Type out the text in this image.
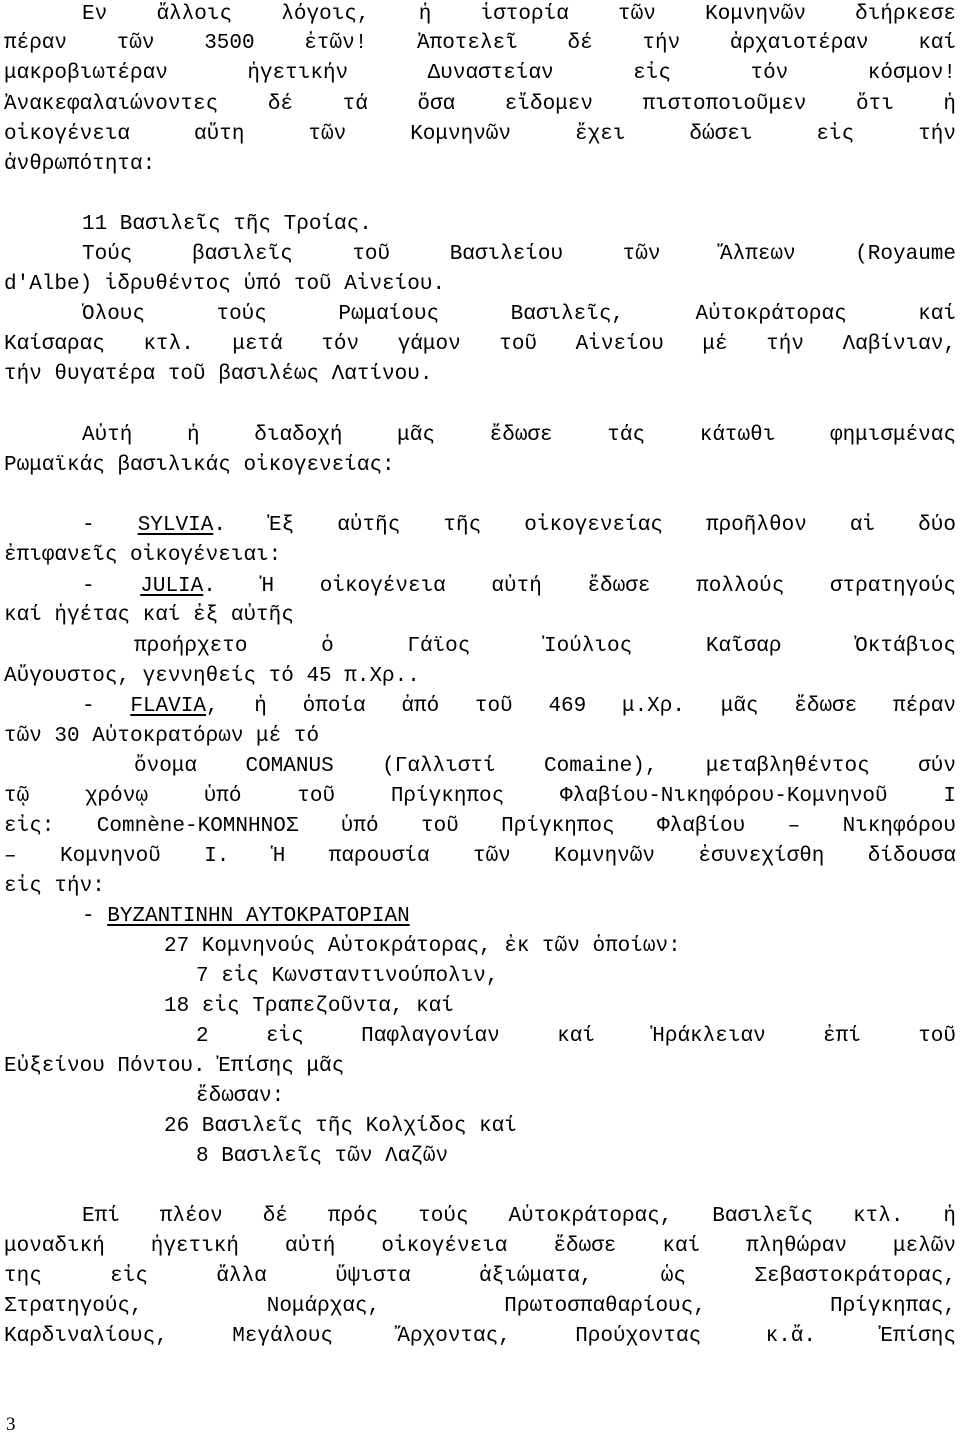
Ἐν ἄλλοις λόγοις, ἡ ἱστορία τῶν Κομνηνῶν διήρκεσε
πέραν τῶν 3500 ἐτῶν! Ἀποτελεῖ δέ τήν ἀρχαιοτέραν καί
μακροβιωτέραν ἡγετικήν Δυναστείαν εἰς τόν κόσμον!
Ἀνακεφαλαιώνοντες δέ τά ὅσα εἴδομεν πιστοποιοῦμεν ὅτι ἡ
οἰκογένεια αὕτη τῶν Κομνηνῶν ἔχει δώσει εἰς τήν
ἀνθρωπότητα:
11 Βασιλεῖς τῆς Τροίας.
Τούς βασιλεῖς τοῦ Βασιλείου τῶν Ἄλπεων (Royaume
d'Albe) ἱδρυθέντος ὑπό τοῦ Αἰνείου.
Ὅλους τούς Ρωμαίους Βασιλεῖς, Αὐτοκράτορας καί
Καίσαρας κτλ. μετά τόν γάμον τοῦ Αἰνείου μέ τήν Λαβίνιαν,
τήν θυγατέρα τοῦ βασιλέως Λατίνου.
Αὐτή ἡ διαδοχή μᾶς ἔδωσε τάς κάτωθι φημισμένας
Ρωμαϊκάς βασιλικάς οἰκογενείας:
- SYLVIA. Ἐξ αὐτῆς τῆς οἰκογενείας προῆλθον αἱ δύο
ἐπιφανεῖς οἰκογένειαι:
- JULIA. Ἡ οἰκογένεια αὐτή ἔδωσε πολλούς στρατηγούς
καί ἡγέτας καί ἐξ αὐτῆς
προήρχετο ὁ Γάϊος Ἰούλιος Καῖσαρ Ὀκτάβιος
Αὔγουστος, γεννηθείς τό 45 π.Χρ..
- FLAVIA, ἡ ὁποία ἀπό τοῦ 469 μ.Χρ. μᾶς ἔδωσε πέραν
τῶν 30 Αὐτοκρατόρων μέ τό
ὄνομα COMANUS (Γαλλιστί Comaine), μεταβληθέντος σύν
τῷ χρόνῳ ὑπό τοῦ Πρίγκηπος Φλαβίου-Νικηφόρου-Κομνηνοῦ Ι
εἰς: Comnène-ΚΟΜΝΗΝΟΣ ὑπό τοῦ Πρίγκηπος Φλαβίου – Νικηφόρου
– Κομνηνοῦ Ι. Ἡ παρουσία τῶν Κομνηνῶν ἐσυνεχίσθη δίδουσα
εἰς τήν:
- ΒΥΖΑΝΤΙΝΗΝ ΑΥΤΟΚΡΑΤΟΡΙΑΝ
27 Κομνηνούς Αὐτοκράτορας, ἐκ τῶν ὁποίων:
7 εἰς Κωνσταντινούπολιν,
18 εἰς Τραπεζοῦντα, καί
2 εἰς Παφλαγονίαν καί Ἡράκλειαν ἐπί τοῦ
Εὐξείνου Πόντου. Ἐπίσης μᾶς
ἔδωσαν:
26 Βασιλεῖς τῆς Κολχίδος καί
8 Βασιλεῖς τῶν Λαζῶν
Ἐπί πλέον δέ πρός τούς Αὐτοκράτορας, Βασιλεῖς κτλ. ἡ
μοναδική ἡγετική αὐτή οἰκογένεια ἔδωσε καί πληθώραν μελῶν
της εἰς ἄλλα ὕψιστα ἀξιώματα, ὡς Σεβαστοκράτορας,
Στρατηγούς, Νομάρχας, Πρωτοσπαθαρίους, Πρίγκηπας,
Καρδιναλίους, Μεγάλους Ἄρχοντας, Προύχοντας κ.ἄ. Ἐπίσης
3
